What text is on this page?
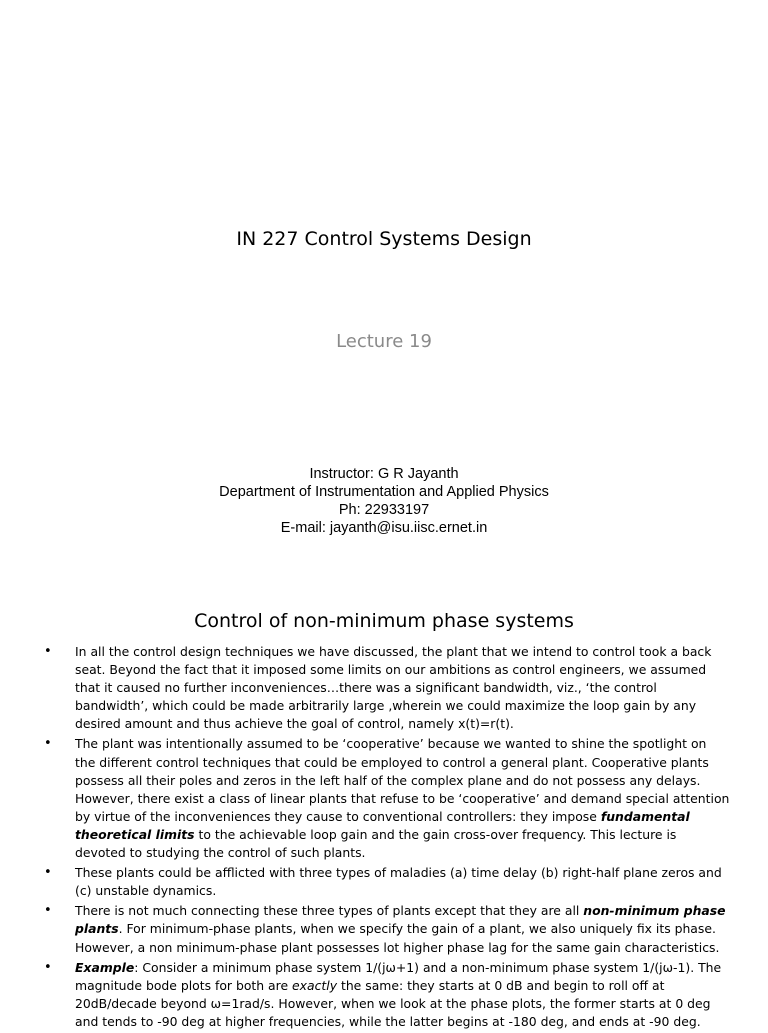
IN 227 Control Systems Design
Lecture 19
Instructor: G R Jayanth
Department of Instrumentation and Applied Physics
Ph: 22933197
E-mail: jayanth@isu.iisc.ernet.in
Control of non-minimum phase systems
• In all the control design techniques we have discussed, the plant that we intend to control took a back seat. Beyond the fact that it imposed some limits on our ambitions as control engineers, we assumed that it caused no further inconveniences…there was a significant bandwidth, viz., ‘the control bandwidth’, which could be made arbitrarily large ,wherein we could maximize the loop gain by any desired amount and thus achieve the goal of control, namely x(t)=r(t).
• The plant was intentionally assumed to be ‘cooperative’ because we wanted to shine the spotlight on the different control techniques that could be employed to control a general plant. Cooperative plants possess all their poles and zeros in the left half of the complex plane and do not possess any delays. However, there exist a class of linear plants that refuse to be ‘cooperative’ and demand special attention by virtue of the inconveniences they cause to conventional controllers: they impose fundamental theoretical limits to the achievable loop gain and the gain cross-over frequency. This lecture is devoted to studying the control of such plants.
• These plants could be afflicted with three types of maladies (a) time delay (b) right-half plane zeros and (c) unstable dynamics.
• There is not much connecting these three types of plants except that they are all non-minimum phase plants. For minimum-phase plants, when we specify the gain of a plant, we also uniquely fix its phase. However, a non minimum-phase plant possesses lot higher phase lag for the same gain characteristics.
• Example: Consider a minimum phase system 1/(jω+1) and a non-minimum phase system 1/(jω-1). The magnitude bode plots for both are exactly the same: they starts at 0 dB and begin to roll off at 20dB/decade beyond ω=1rad/s. However, when we look at the phase plots, the former starts at 0 deg and tends to -90 deg at higher frequencies, while the latter begins at -180 deg, and ends at -90 deg.
